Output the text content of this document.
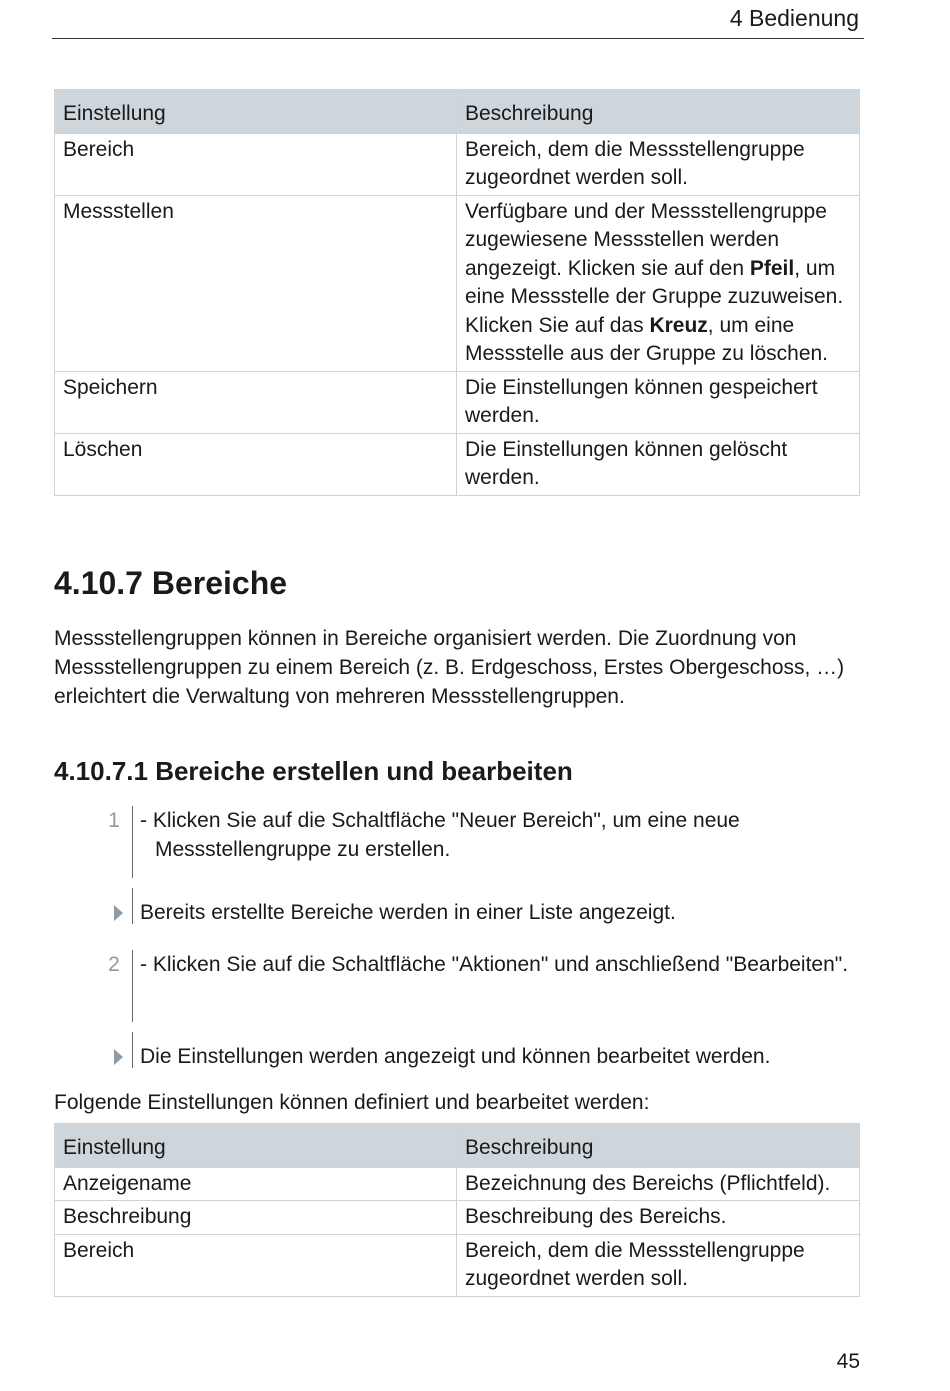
4 Bedienung
Einstellung	Beschreibung
Bereich	Bereich, dem die Messstellengruppe zugeordnet werden soll.
Messstellen	Verfügbare und der Messstellengruppe zugewiesene Messstellen werden angezeigt. Klicken sie auf den Pfeil, um eine Messstelle der Gruppe zuzuweisen. Klicken Sie auf das Kreuz, um eine Messstelle aus der Gruppe zu löschen.
Speichern	Die Einstellungen können gespeichert werden.
Löschen	Die Einstellungen können gelöscht werden.
4.10.7 Bereiche
Messstellengruppen können in Bereiche organisiert werden. Die Zuordnung von Messstellengruppen zu einem Bereich (z. B. Erdgeschoss, Erstes Obergeschoss, …) erleichtert die Verwaltung von mehreren Messstellengruppen.
4.10.7.1 Bereiche erstellen und bearbeiten
1 - Klicken Sie auf die Schaltfläche "Neuer Bereich", um eine neue Messstellengruppe zu erstellen.
Bereits erstellte Bereiche werden in einer Liste angezeigt.
2 - Klicken Sie auf die Schaltfläche "Aktionen" und anschließend "Bearbeiten".
Die Einstellungen werden angezeigt und können bearbeitet werden.
Folgende Einstellungen können definiert und bearbeitet werden:
Einstellung	Beschreibung
Anzeigename	Bezeichnung des Bereichs (Pflichtfeld).
Beschreibung	Beschreibung des Bereichs.
Bereich	Bereich, dem die Messstellengruppe zugeordnet werden soll.
45
